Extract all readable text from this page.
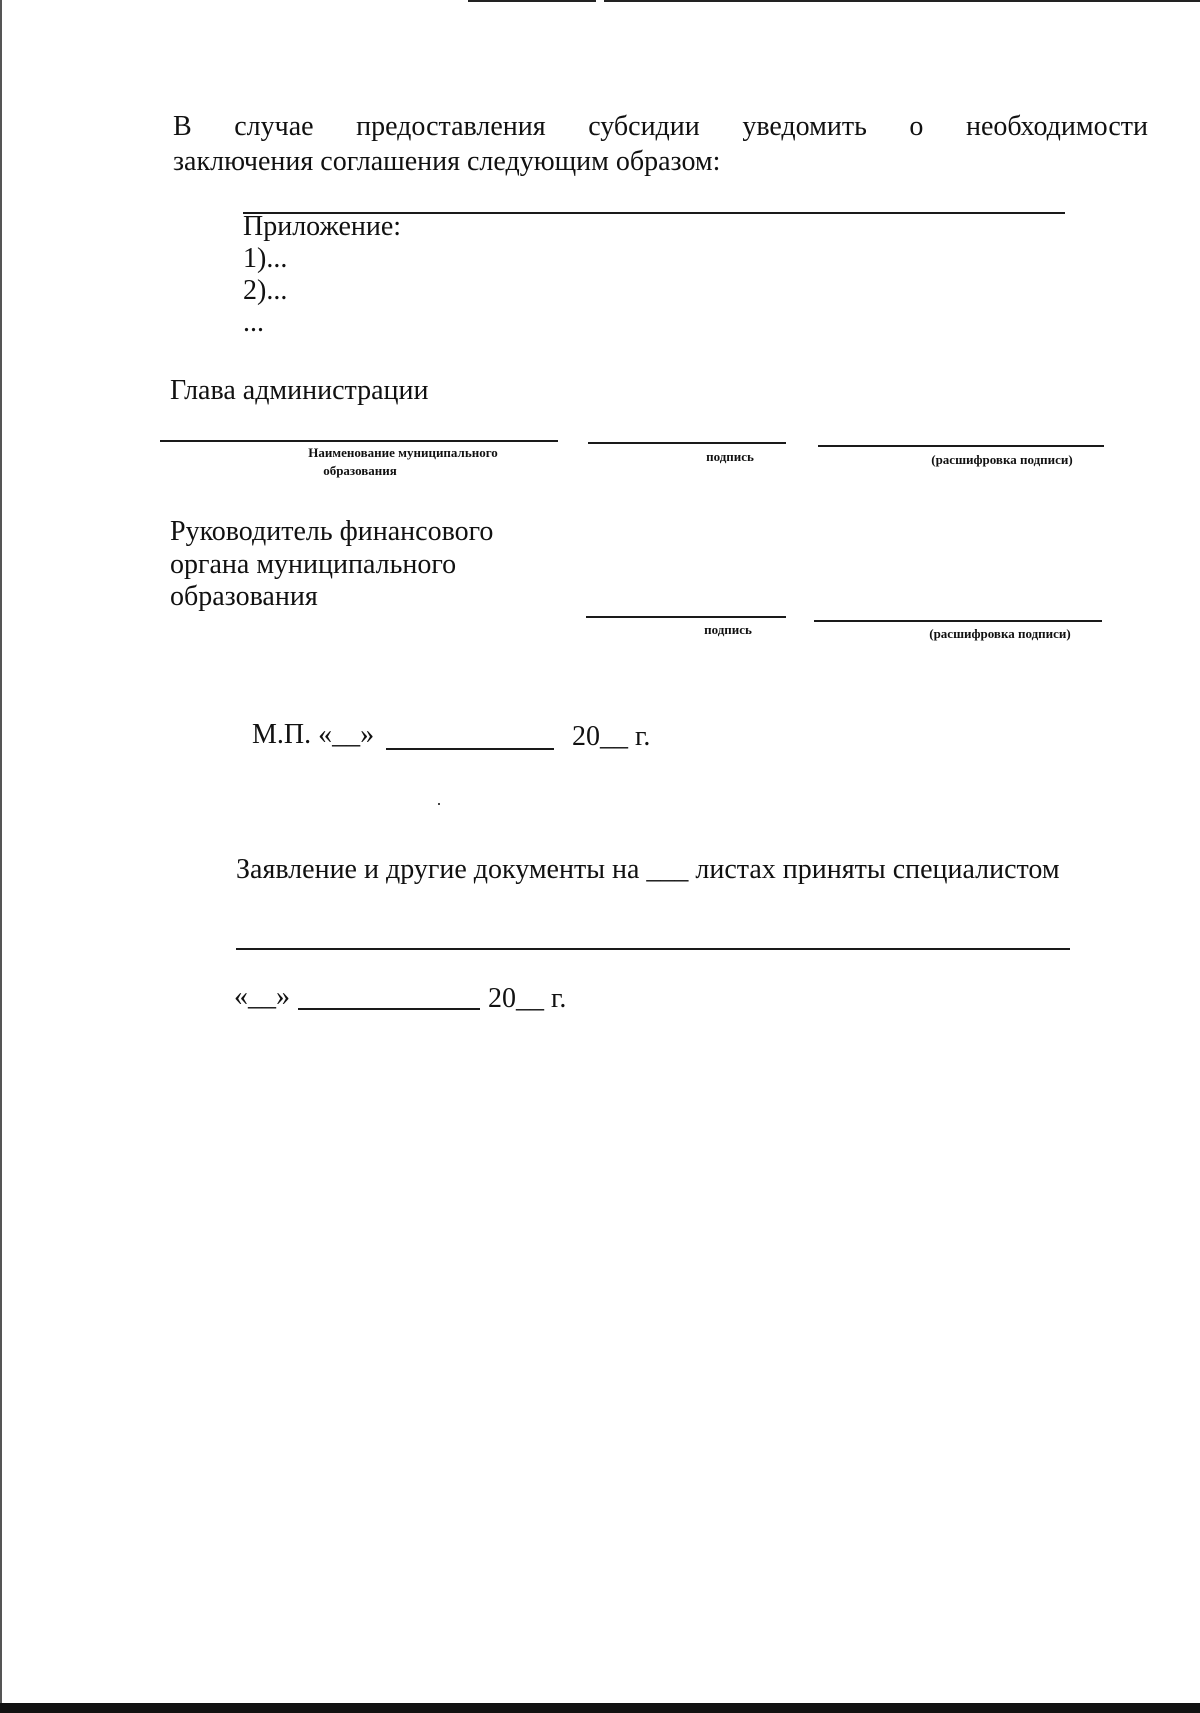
В случае предоставления субсидии уведомить о необходимости
заключения соглашения следующим образом:
Приложение:
1)...
2)...
...
Глава администрации
Наименование муниципального
образования
подпись	(расшифровка подписи)
Руководитель финансового
органа муниципального
образования
подпись	(расшифровка подписи)
М.П. «__»	20__ г.
Заявление и другие документы на ___ листах приняты специалистом
«__»	20__ г.
